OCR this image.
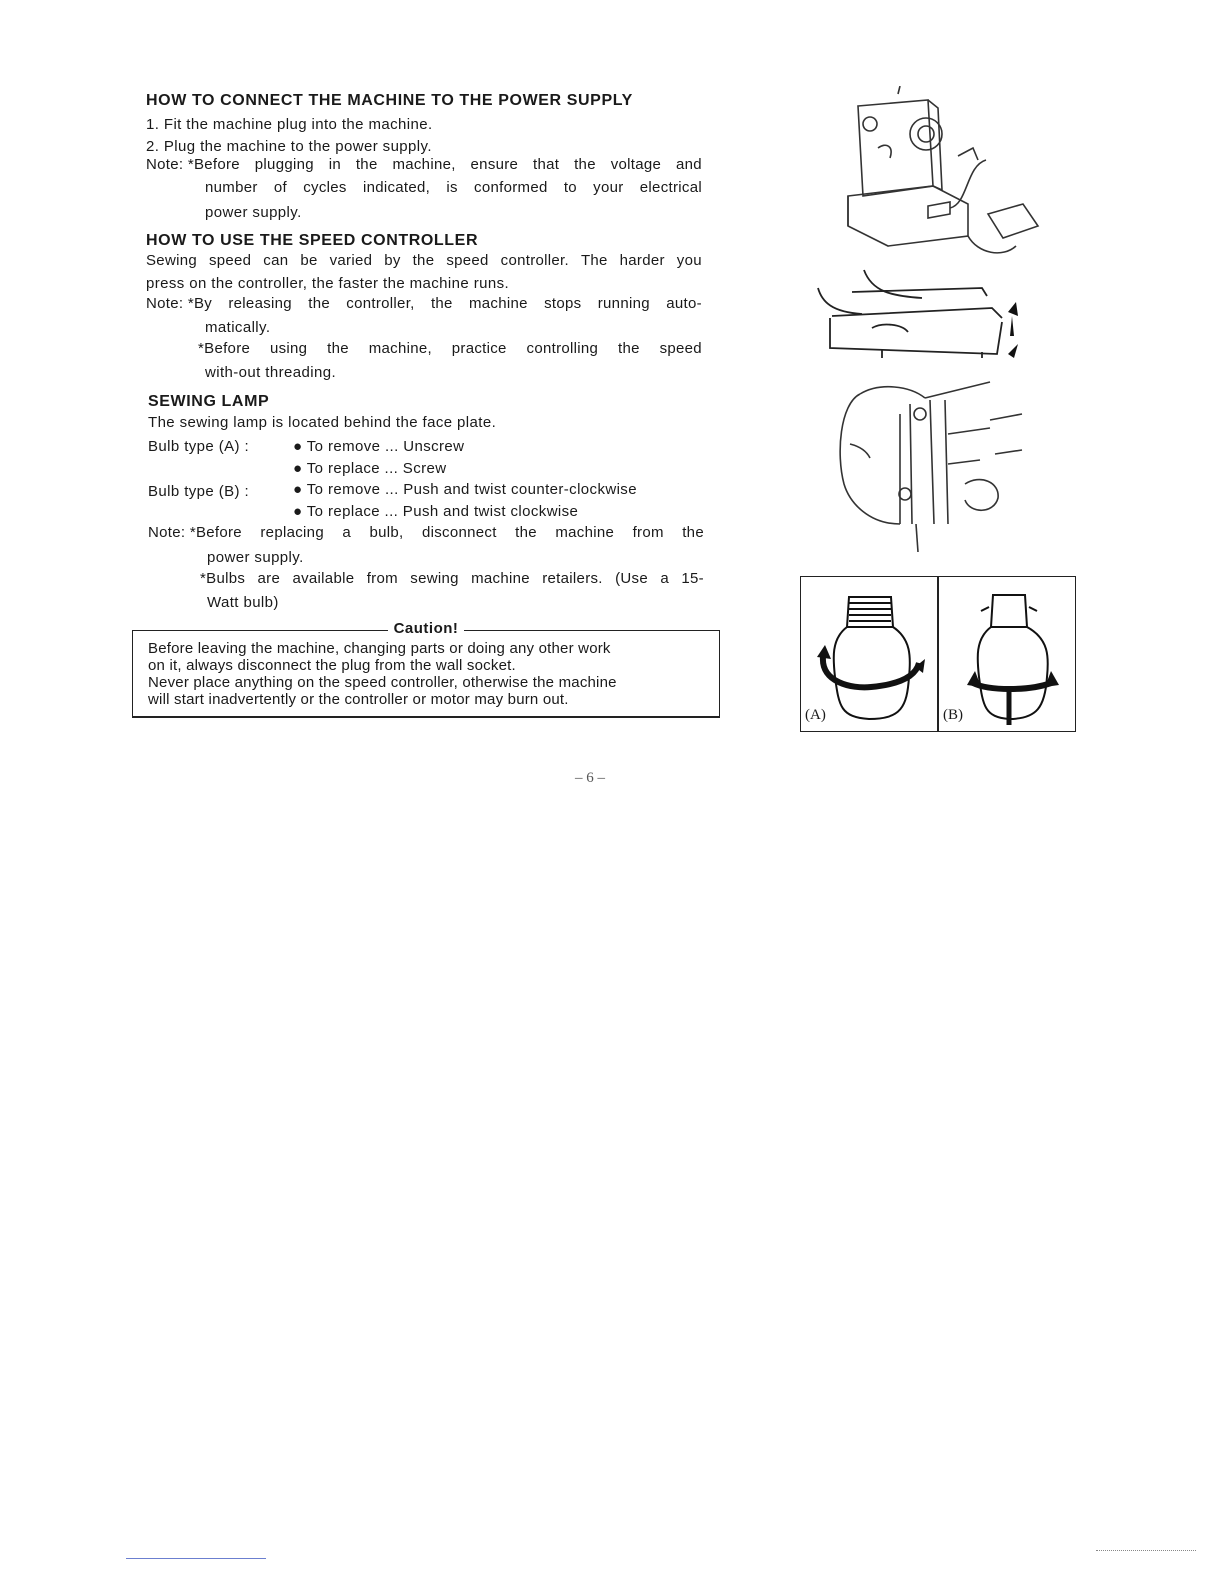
HOW TO CONNECT THE MACHINE TO THE POWER SUPPLY
1. Fit the machine plug into the machine.
2. Plug the machine to the power supply.
Note: *Before plugging in the machine, ensure that the voltage and
number of cycles indicated, is conformed to your electrical
power supply.
HOW TO USE THE SPEED CONTROLLER
Sewing speed can be varied by the speed controller. The harder you
press on the controller, the faster the machine runs.
Note: *By releasing the controller, the machine stops running auto-
matically.
*Before using the machine, practice controlling the speed
with-out threading.
SEWING LAMP
The sewing lamp is located behind the face plate.
Bulb type (A) :	● To remove ... Unscrew
● To replace ... Screw
Bulb type (B) :	● To remove ... Push and twist counter-clockwise
● To replace ... Push and twist clockwise
Note: *Before replacing a bulb, disconnect the machine from the
power supply.
*Bulbs are available from sewing machine retailers. (Use a 15-
Watt bulb)
Caution!
Before leaving the machine, changing parts or doing any other work
on it, always disconnect the plug from the wall socket.
Never place anything on the speed controller, otherwise the machine
will start inadvertently or the controller or motor may burn out.
(A)	(B)
– 6 –
